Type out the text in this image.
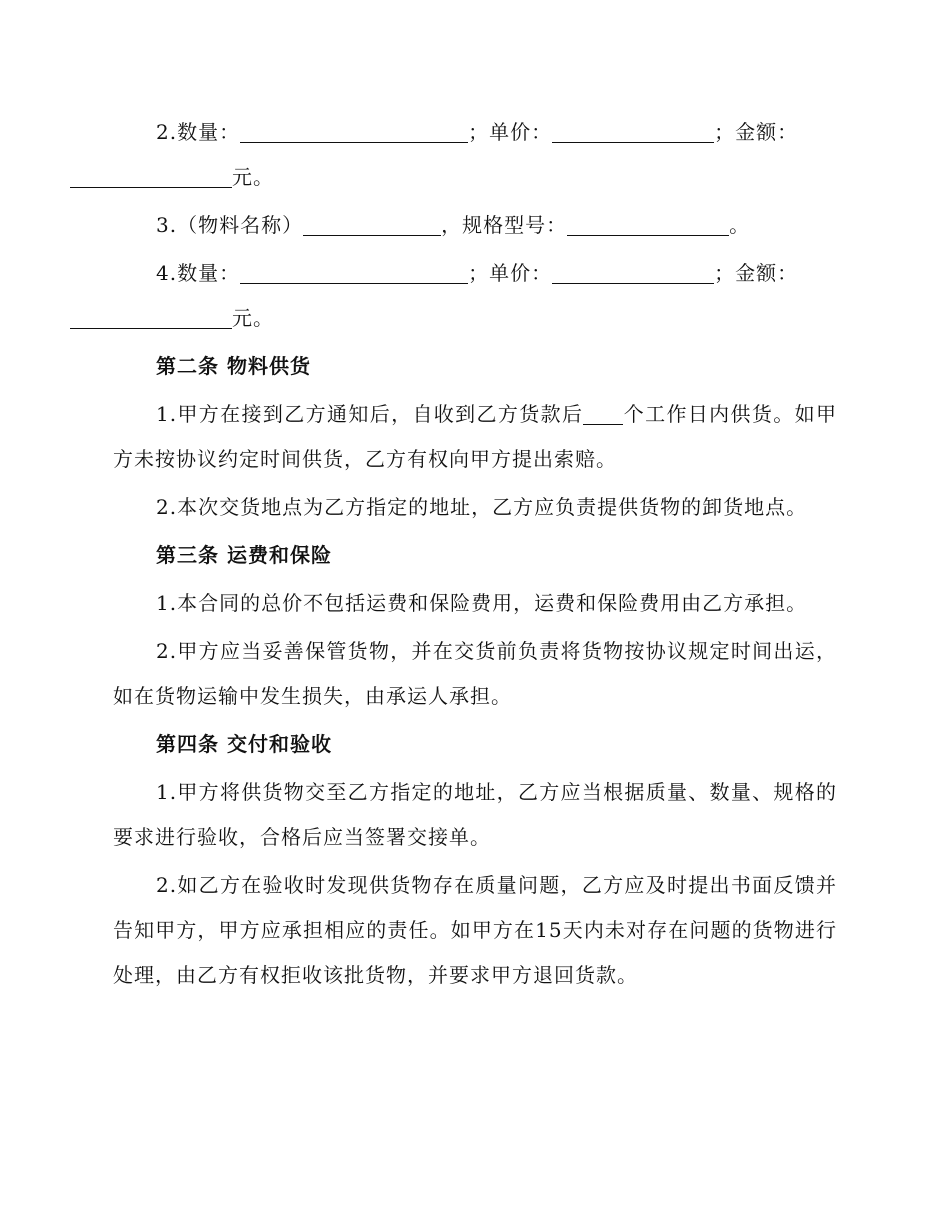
2.数量：	；单价：	；金额：
元。

3.（物料名称）	，规格型号：	。

4.数量：	；单价：	；金额：
元。

第二条 物料供货

1.甲方在接到乙方通知后，自收到乙方货款后 个工作日内供货。如甲方未按协议约定时间供货，乙方有权向甲方提出索赔。

2.本次交货地点为乙方指定的地址，乙方应负责提供货物的卸货地点。

第三条 运费和保险

1.本合同的总价不包括运费和保险费用，运费和保险费用由乙方承担。

2.甲方应当妥善保管货物，并在交货前负责将货物按协议规定时间出运，如在货物运输中发生损失，由承运人承担。

第四条 交付和验收

1.甲方将供货物交至乙方指定的地址，乙方应当根据质量、数量、规格的要求进行验收，合格后应当签署交接单。

2.如乙方在验收时发现供货物存在质量问题，乙方应及时提出书面反馈并告知甲方，甲方应承担相应的责任。如甲方在15天内未对存在问题的货物进行处理，由乙方有权拒收该批货物，并要求甲方退回货款。
